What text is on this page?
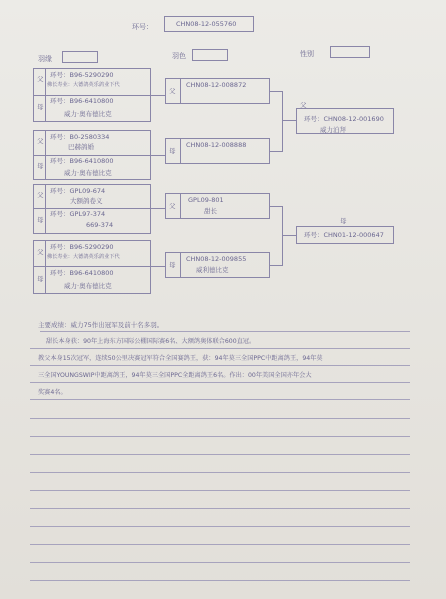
环号：	CHN08-12-055760
羽缘	羽色	性别
父
母
环号：B96-5290290
佛长寿业：大德鸽英乐鸽业下代
环号：B96-6410800
威力·奥布德比克
父
母
环号：B0-2580334
巴赫鸽婚
环号：B96-6410800
威力·奥布德比克
父
CHN08-12-008872
母
CHN08-12-008888
父
环号：CHN08-12-001690
威力泊拜
父
母
环号：GPL09-674
大额鸽卷义
环号：GPL97-374
669-374
父
母
环号：B96-5290290
佛长寿业：大德鸽英乐鸽业下代
环号：B96-6410800
威力·奥布德比克
父
GPL09-801
甜长
母
CHN08-12-009855
威利德比克
母
环号：CHN01-12-000647
主要成绩：威力75作出冠军及前十名多羽。
甜长本身获：90年上海东方国际公棚国际赛6名、大额鸽奥体联合600直冠。
教父本身15次冠军，连续50公里决赛冠军符合全国赛鸽王，获：94年莫三全国PPC中距离鸽王，94年莫
三全国YOUNGSWIP中距离鸽王，94年莫三全国PPC全距离鸽王6名。作出：00年美国全国亦年会大
奖赛4名。
